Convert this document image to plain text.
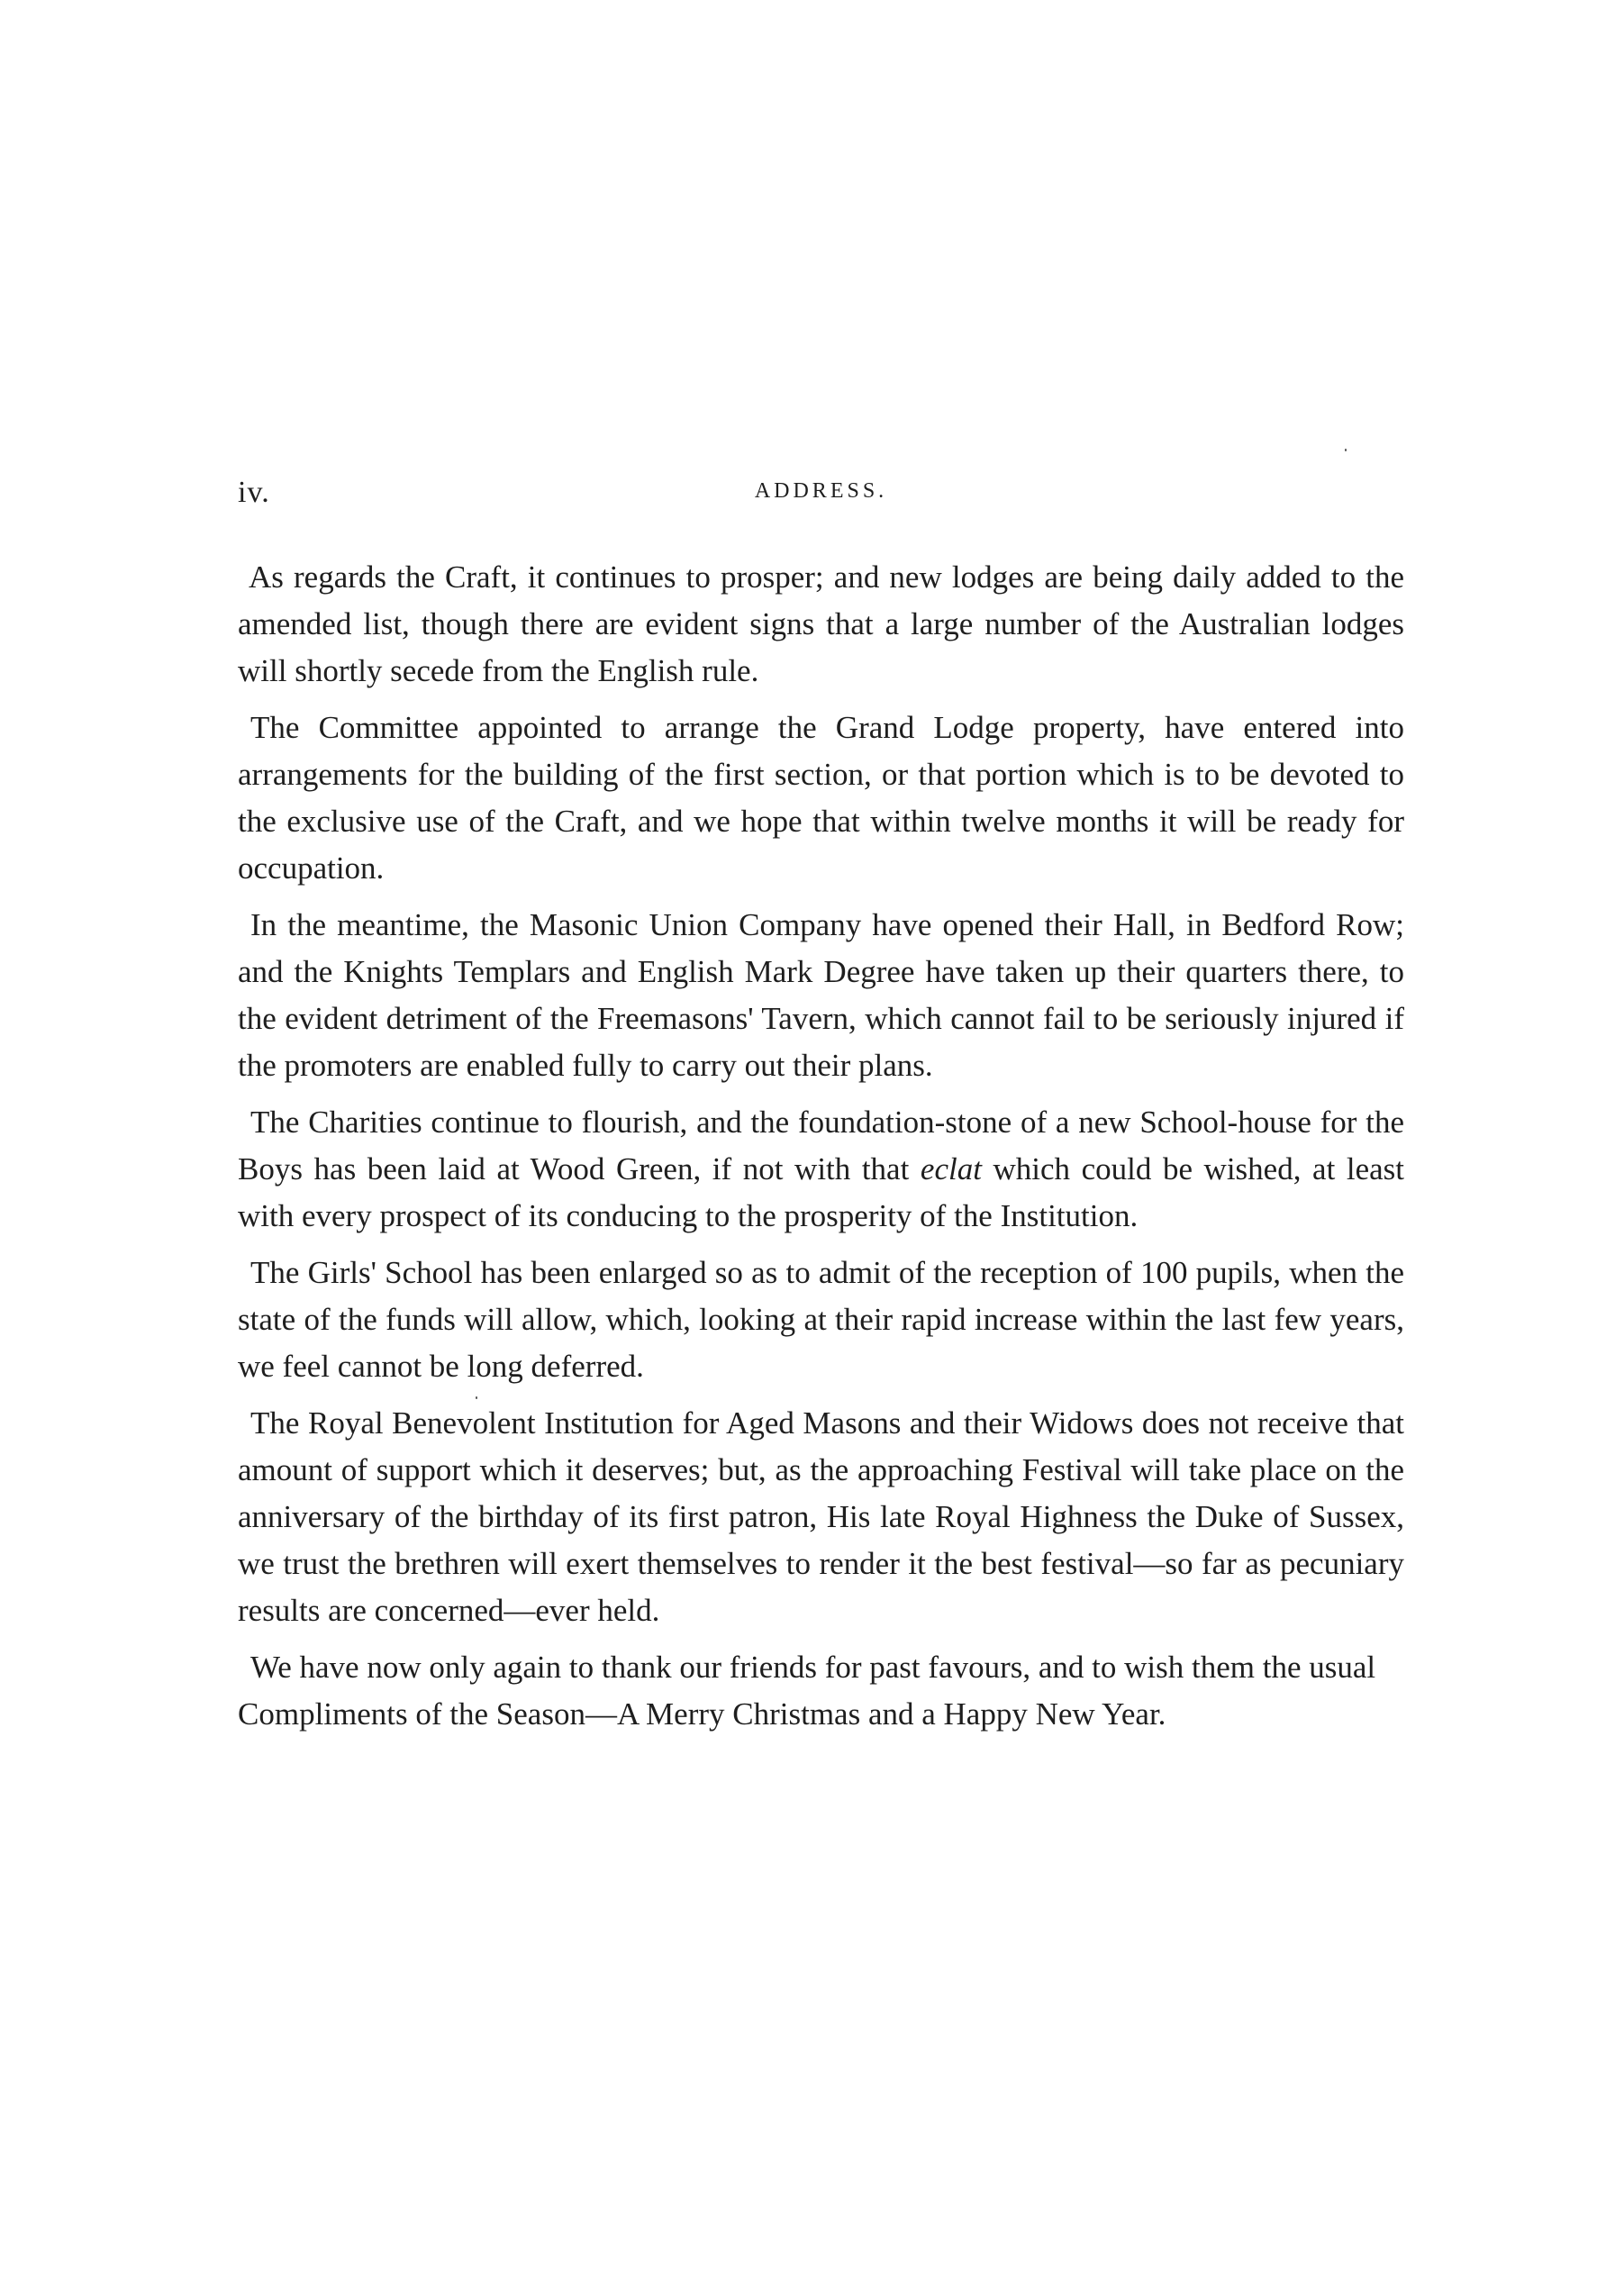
iv.	ADDRESS.

As regards the Craft, it continues to prosper; and new lodges are being daily added to the amended list, though there are evident signs that a large number of the Australian lodges will shortly secede from the English rule.

The Committee appointed to arrange the Grand Lodge property, have entered into arrangements for the building of the first section, or that portion which is to be devoted to the exclusive use of the Craft, and we hope that within twelve months it will be ready for occupation.

In the meantime, the Masonic Union Company have opened their Hall, in Bedford Row; and the Knights Templars and English Mark Degree have taken up their quarters there, to the evident detriment of the Freemasons' Tavern, which cannot fail to be seriously injured if the promoters are enabled fully to carry out their plans.

The Charities continue to flourish, and the foundation-stone of a new School-house for the Boys has been laid at Wood Green, if not with that eclat which could be wished, at least with every prospect of its conducing to the prosperity of the Institution.

The Girls' School has been enlarged so as to admit of the reception of 100 pupils, when the state of the funds will allow, which, looking at their rapid increase within the last few years, we feel cannot be long deferred.

The Royal Benevolent Institution for Aged Masons and their Widows does not receive that amount of support which it deserves; but, as the approaching Festival will take place on the anniversary of the birthday of its first patron, His late Royal Highness the Duke of Sussex, we trust the brethren will exert themselves to render it the best festival—so far as pecuniary results are concerned—ever held.

We have now only again to thank our friends for past favours, and to wish them the usual Compliments of the Season—A Merry Christmas and a Happy New Year.
